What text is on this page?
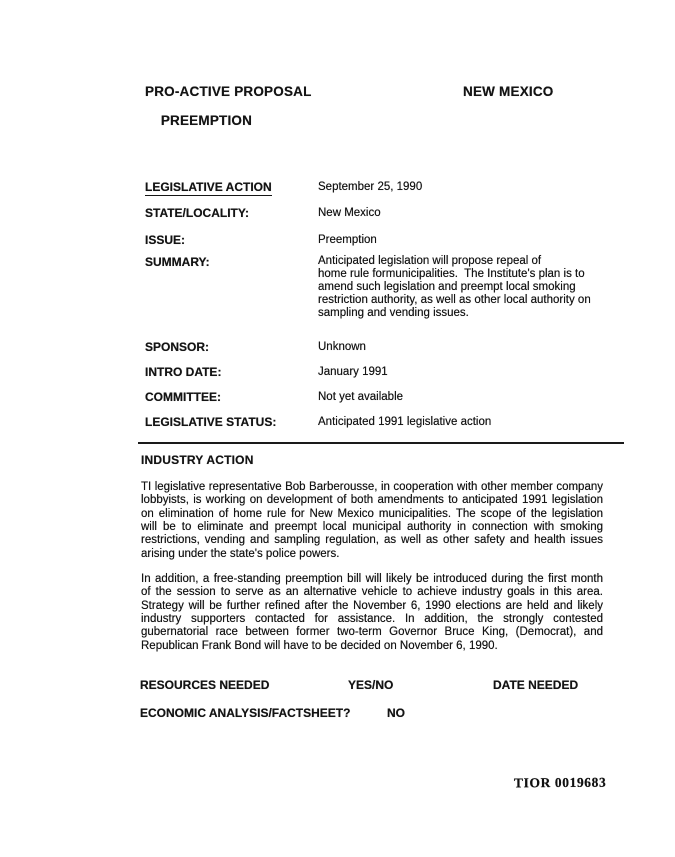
PRO-ACTIVE PROPOSAL

PREEMPTION
NEW MEXICO
LEGISLATIVE ACTION	September 25, 1990
STATE/LOCALITY:	New Mexico
ISSUE:	Preemption
SUMMARY:	Anticipated legislation will propose repeal of
home rule formunicipalities.  The Institute's plan is to
amend such legislation and preempt local smoking
restriction authority, as well as other local authority on
sampling and vending issues.
SPONSOR:	Unknown
INTRO DATE:	January 1991
COMMITTEE:	Not yet available
LEGISLATIVE STATUS:	Anticipated 1991 legislative action
INDUSTRY ACTION
TI legislative representative Bob Barberousse, in cooperation with other member company
lobbyists, is working on development of both amendments to anticipated 1991 legislation
on elimination of home rule for New Mexico municipalities. The scope of the legislation
will be to eliminate and preempt local municipal authority in connection with smoking
restrictions, vending and sampling regulation, as well as other safety and health issues
arising under the state's police powers.
In addition, a free-standing preemption bill will likely be introduced during the first month
of the session to serve as an alternative vehicle to achieve industry goals in this area.
Strategy will be further refined after the November 6, 1990 elections are held and likely
industry supporters contacted for assistance. In addition, the strongly contested
gubernatorial race between former two-term Governor Bruce King, (Democrat), and
Republican Frank Bond will have to be decided on November 6, 1990.
RESOURCES NEEDED	YES/NO	DATE NEEDED
ECONOMIC ANALYSIS/FACTSHEET?	NO
TIOR 0019683
